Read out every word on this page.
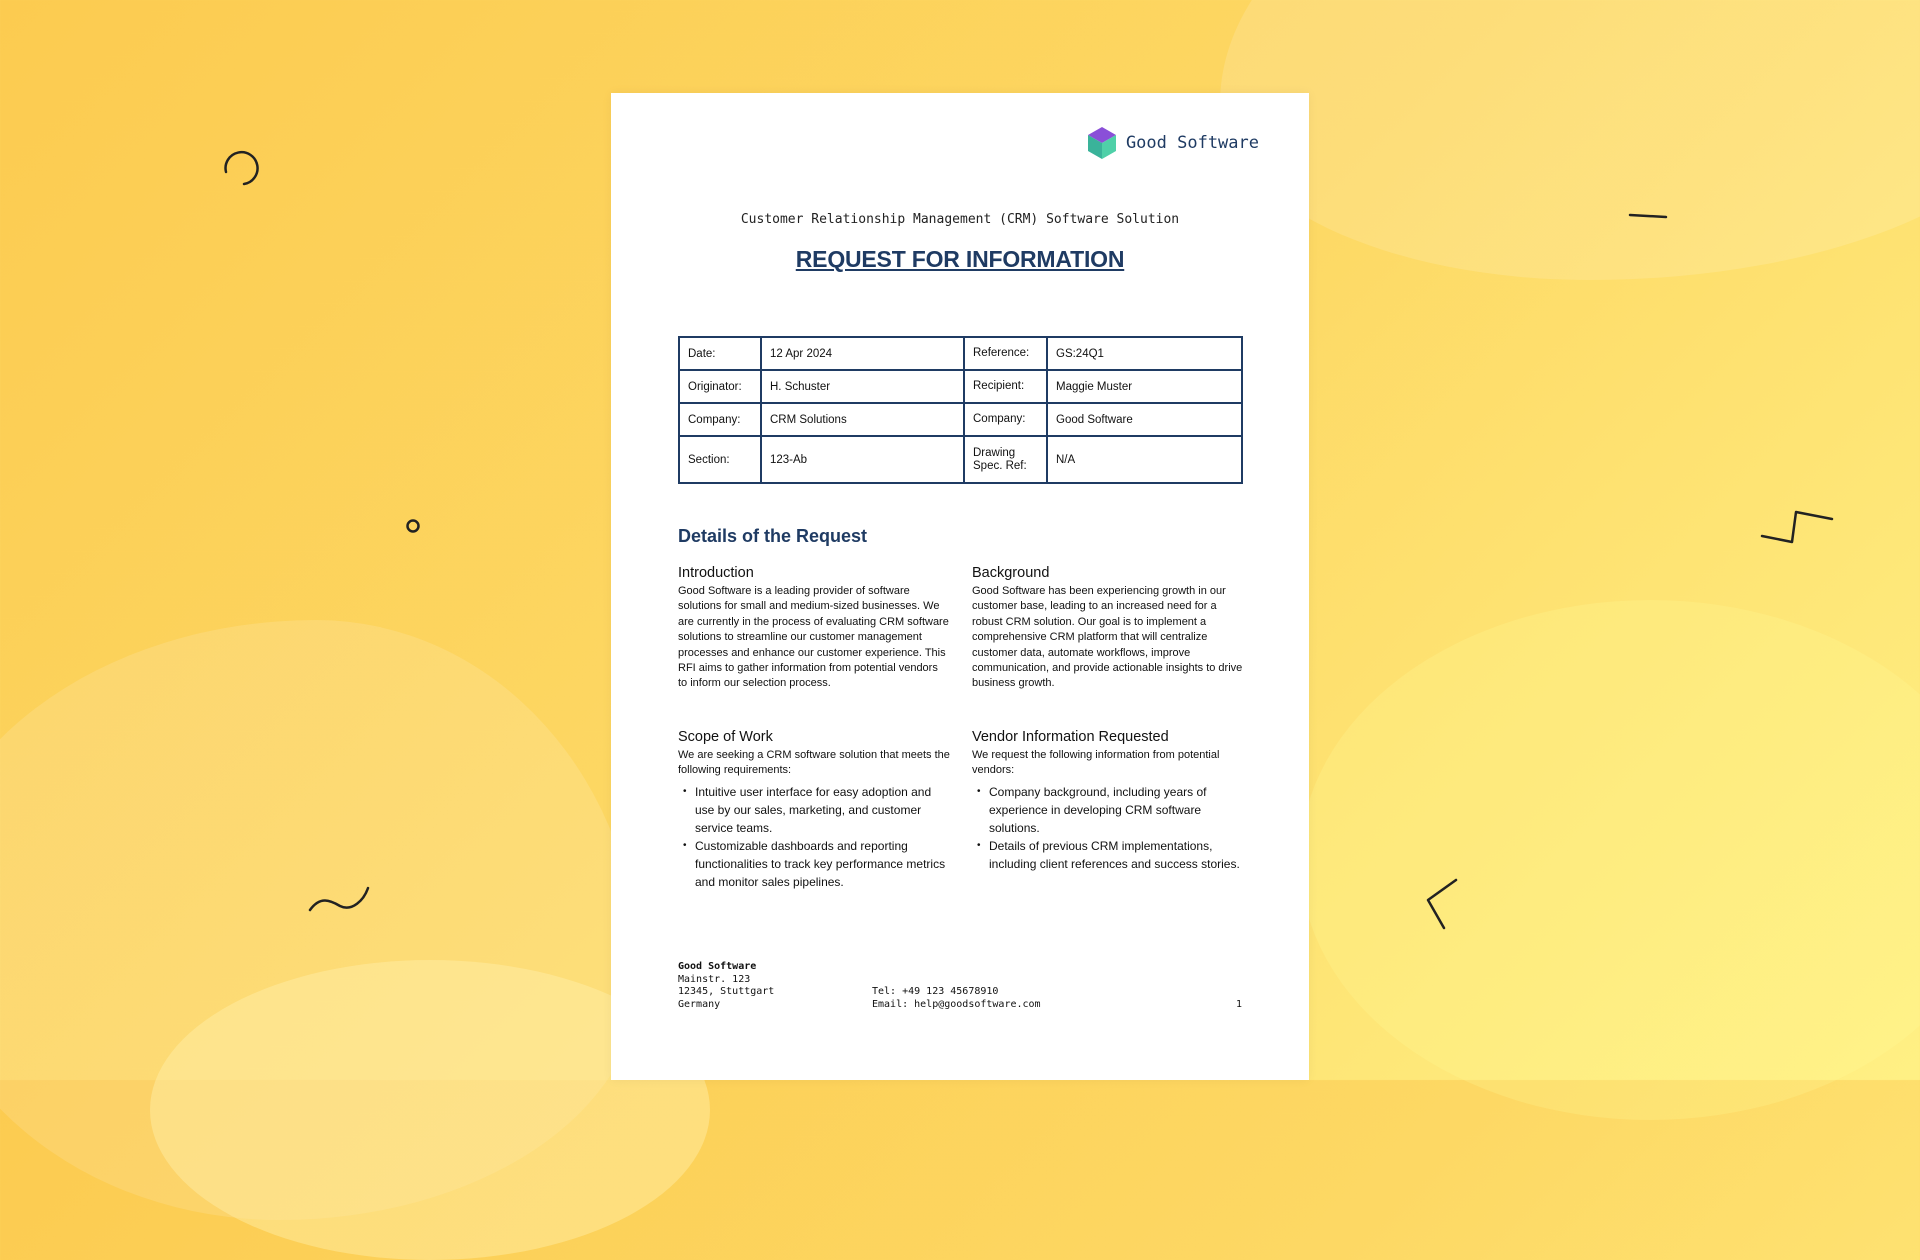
Good Software
Customer Relationship Management (CRM) Software Solution
REQUEST FOR INFORMATION
Date:	12 Apr 2024	Reference:	GS:24Q1
Originator:	H. Schuster	Recipient:	Maggie Muster
Company:	CRM Solutions	Company:	Good Software
Section:	123-Ab	Drawing Spec. Ref:	N/A
Details of the Request
Introduction

Good Software is a leading provider of software solutions for small and medium-sized businesses. We are currently in the process of evaluating CRM software solutions to streamline our customer management processes and enhance our customer experience. This RFI aims to gather information from potential vendors to inform our selection process.

Background

Good Software has been experiencing growth in our customer base, leading to an increased need for a robust CRM solution. Our goal is to implement a comprehensive CRM platform that will centralize customer data, automate workflows, improve communication, and provide actionable insights to drive business growth.

Scope of Work

We are seeking a CRM software solution that meets the following requirements:

• Intuitive user interface for easy adoption and use by our sales, marketing, and customer service teams.
• Customizable dashboards and reporting functionalities to track key performance metrics and monitor sales pipelines.
Vendor Information Requested

We request the following information from potential vendors:

• Company background, including years of experience in developing CRM software solutions.
• Details of previous CRM implementations, including client references and success stories.
Good Software
Mainstr. 123
12345, Stuttgart
Germany
Tel: +49 123 45678910
Email: help@goodsoftware.com	1
